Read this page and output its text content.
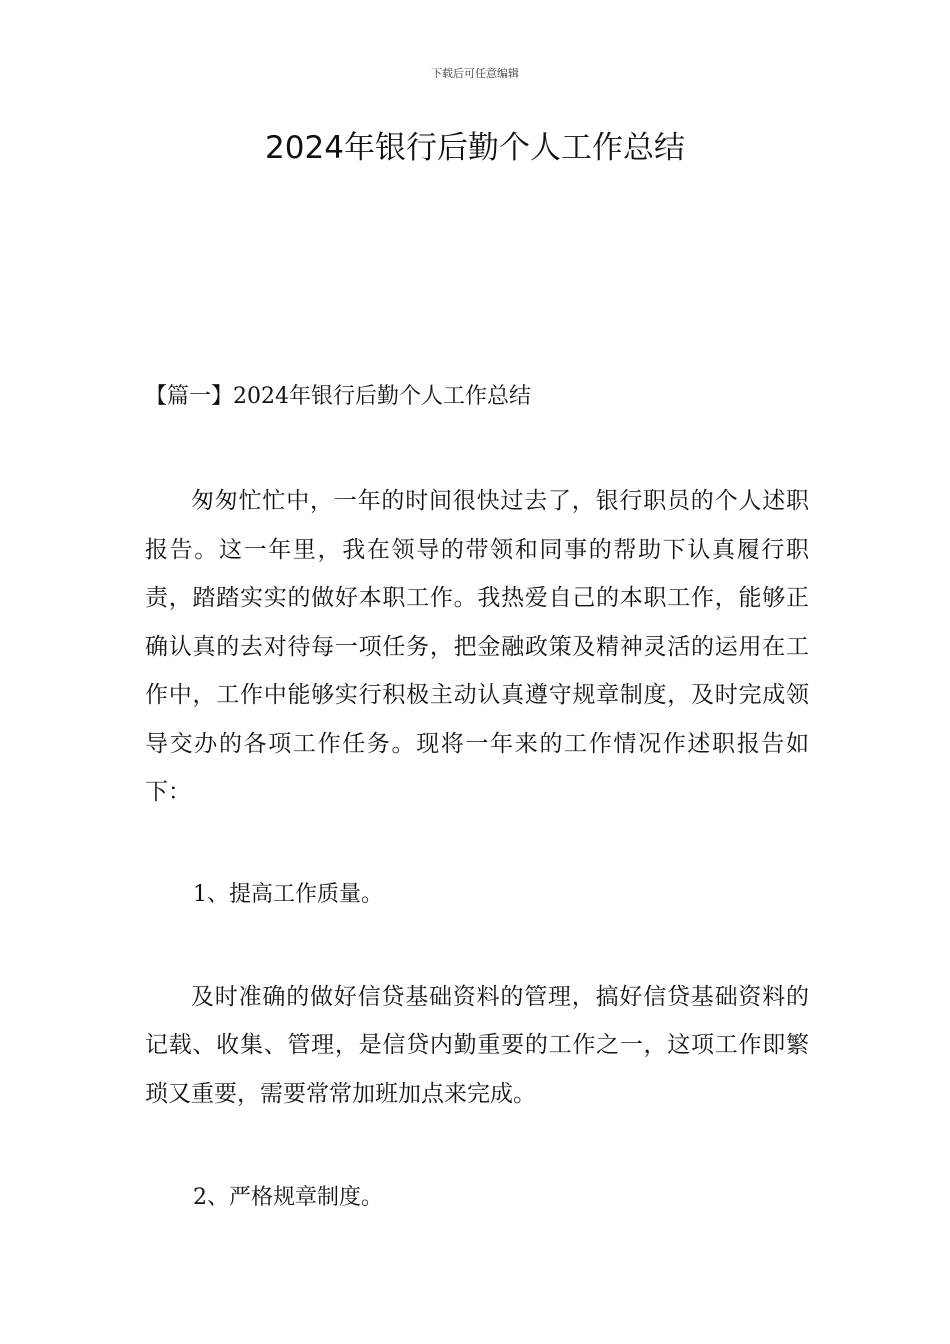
下载后可任意编辑
2024年银行后勤个人工作总结

【篇一】2024年银行后勤个人工作总结

匆匆忙忙中，一年的时间很快过去了，银行职员的个人述职报告。这一年里，我在领导的带领和同事的帮助下认真履行职责，踏踏实实的做好本职工作。我热爱自己的本职工作，能够正确认真的去对待每一项任务，把金融政策及精神灵活的运用在工作中，工作中能够实行积极主动认真遵守规章制度，及时完成领导交办的各项工作任务。现将一年来的工作情况作述职报告如下：

1、提高工作质量。

及时准确的做好信贷基础资料的管理，搞好信贷基础资料的记载、收集、管理，是信贷内勤重要的工作之一，这项工作即繁琐又重要，需要常常加班加点来完成。

2、严格规章制度。
